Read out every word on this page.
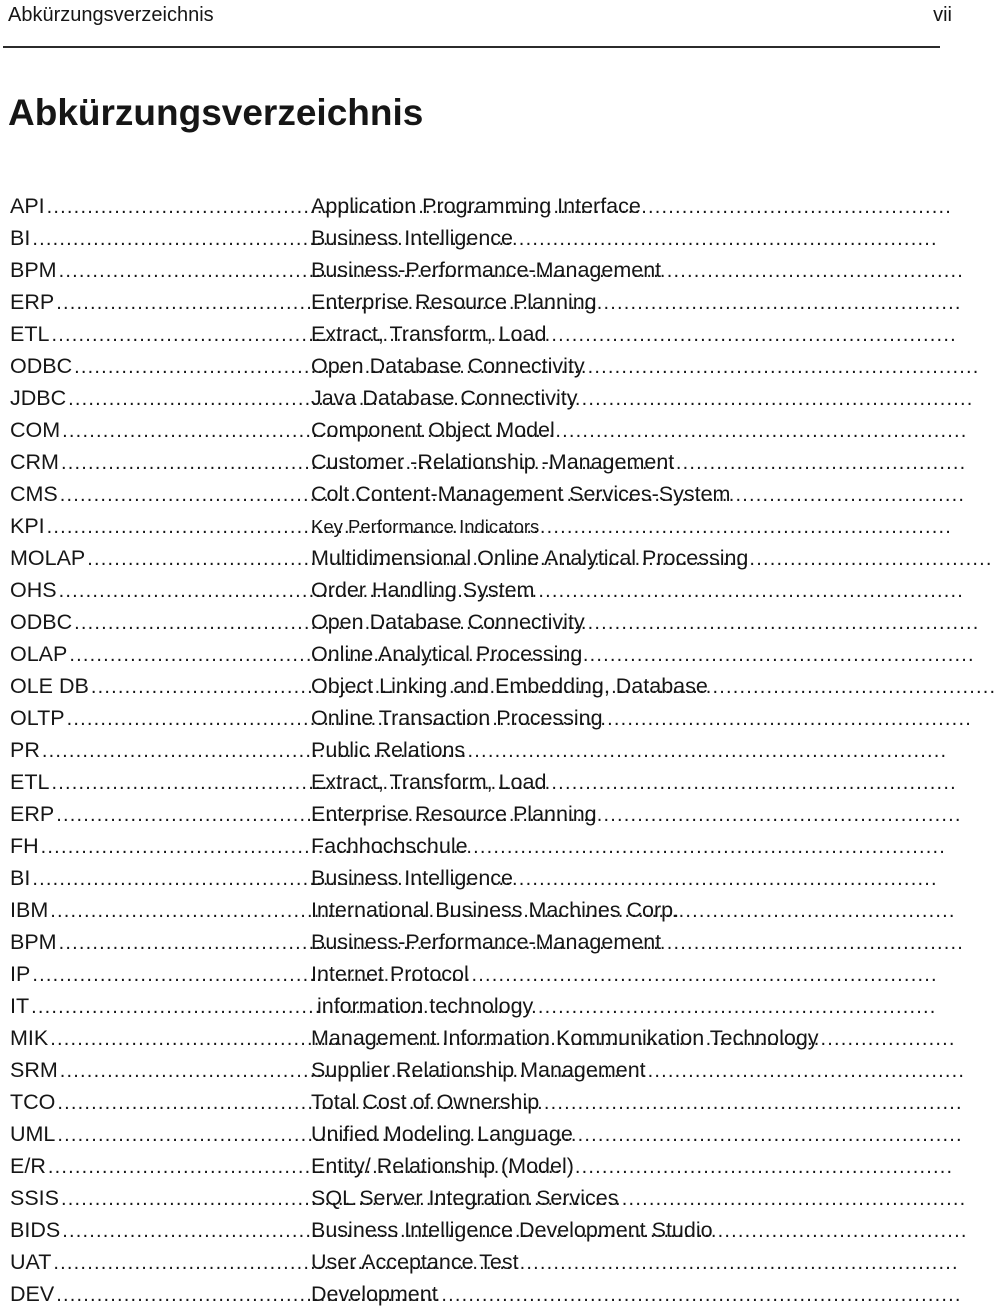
Abkürzungsverzeichnis	vii
Abkürzungsverzeichnis
API .....	Application Programming Interface
BI .....	Business Intelligence
BPM .....	Business-Performance-Management
ERP .....	Enterprise Resource Planning
ETL .....	Extract, Transform, Load
ODBC .....	Open Database Connectivity
JDBC .....	Java Database Connectivity
COM .....	Component Object Model
CRM .....	Customer -Relationship -Management
CMS .....	Colt Content-Management Services-System
KPI .....	Key Performance Indicators
MOLAP .....	Multidimensional Online Analytical Processing
OHS .....	Order Handling System
ODBC .....	Open Database Connectivity
OLAP .....	Online Analytical Processing
OLE DB .....	Object Linking and Embedding, Database
OLTP .....	Online Transaction Processing
PR .....	Public Relations
ETL .....	Extract, Transform, Load
ERP .....	Enterprise Resource Planning
FH .....	Fachhochschule
BI .....	Business Intelligence
IBM .....	International Business Machines Corp.
BPM .....	Business-Performance-Management
IP .....	Internet Protocol
IT .....	information technology
MIK .....	Management Information Kommunikation Technology
SRM .....	Supplier Relationship Management
TCO .....	Total Cost of Ownership
UML .....	Unified Modeling Language
E/R .....	Entity/ Relationship (Model)
SSIS .....	SQL Server Integration Services
BIDS .....	Business Intelligence Development Studio
UAT .....	User Acceptance Test
DEV .....	Development
